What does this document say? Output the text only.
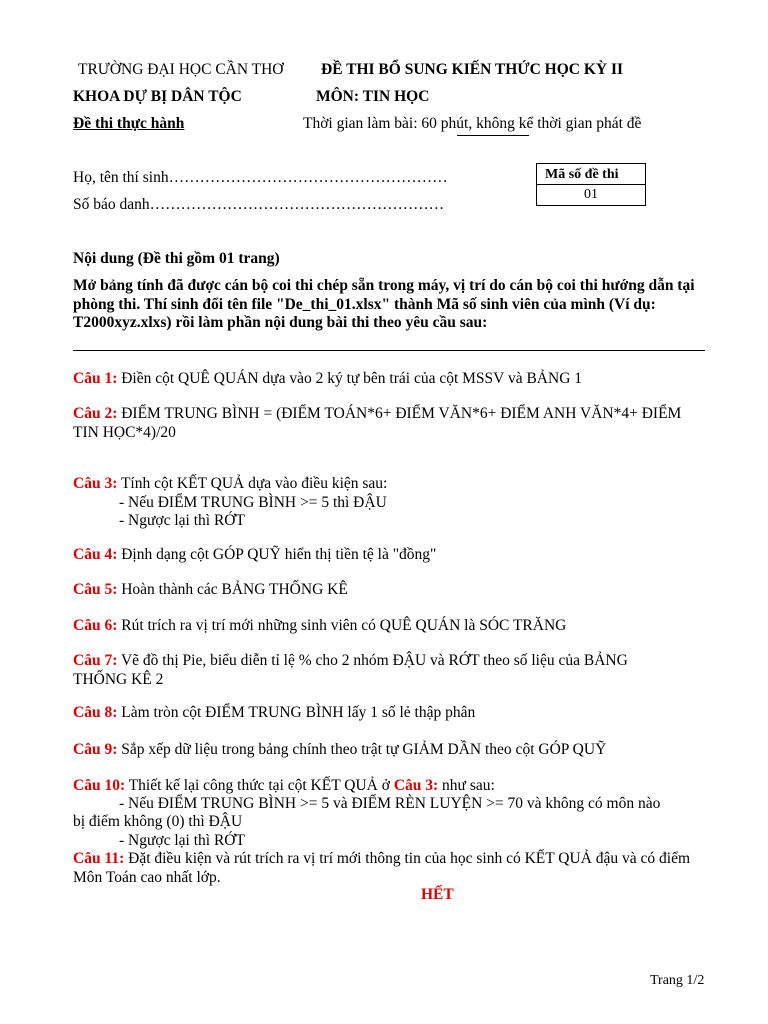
TRƯỜNG ĐẠI HỌC CẦN THƠ ĐỀ THI BỔ SUNG KIẾN THỨC HỌC KỲ II
KHOA DỰ BỊ DÂN TỘC	MÔN: TIN HỌC
Đề thi thực hành	Thời gian làm bài: 60 phút, không kể thời gian phát đề
Họ, tên thí sinh………………………………………………
Số báo danh…………………………………………………
Mã số đề thi
01
Nội dung (Đề thi gồm 01 trang)
Mở bảng tính đã được cán bộ coi thi chép sẵn trong máy, vị trí do cán bộ coi thi hướng dẫn tại phòng thi. Thí sinh đổi tên file "De_thi_01.xlsx" thành Mã số sinh viên của mình (Ví dụ: T2000xyz.xlxs) rồi làm phần nội dung bài thi theo yêu cầu sau:
Câu 1: Điền cột QUÊ QUÁN dựa vào 2 ký tự bên trái của cột MSSV và BẢNG 1
Câu 2: ĐIỂM TRUNG BÌNH = (ĐIỂM TOÁN*6+ ĐIỂM VĂN*6+ ĐIỂM ANH VĂN*4+ ĐIỂM TIN HỌC*4)/20
Câu 3: Tính cột KẾT QUẢ dựa vào điều kiện sau:
- Nếu ĐIỂM TRUNG BÌNH >= 5 thì ĐẬU
- Ngược lại thì RỚT
Câu 4: Định dạng cột GÓP QUỸ hiển thị tiền tệ là "đồng"
Câu 5: Hoàn thành các BẢNG THỐNG KÊ
Câu 6: Rút trích ra vị trí mới những sinh viên có QUÊ QUÁN là SÓC TRĂNG
Câu 7: Vẽ đồ thị Pie, biểu diễn tỉ lệ % cho 2 nhóm ĐẬU và RỚT theo số liệu của BẢNG THỐNG KÊ 2
Câu 8: Làm tròn cột ĐIỂM TRUNG BÌNH lấy 1 số lẻ thập phân
Câu 9: Sắp xếp dữ liệu trong bảng chính theo trật tự GIẢM DẦN theo cột GÓP QUỸ
Câu 10: Thiết kế lại công thức tại cột KẾT QUẢ ở Câu 3: như sau:
- Nếu ĐIỂM TRUNG BÌNH >= 5 và ĐIỂM RÈN LUYỆN >= 70 và không có môn nào
bị điểm không (0) thì ĐẬU
- Ngược lại thì RỚT
Câu 11: Đặt điều kiện và rút trích ra vị trí mới thông tin của học sinh có KẾT QUẢ đậu và có điểm Môn Toán cao nhất lớp.
HẾT
Trang 1/2
